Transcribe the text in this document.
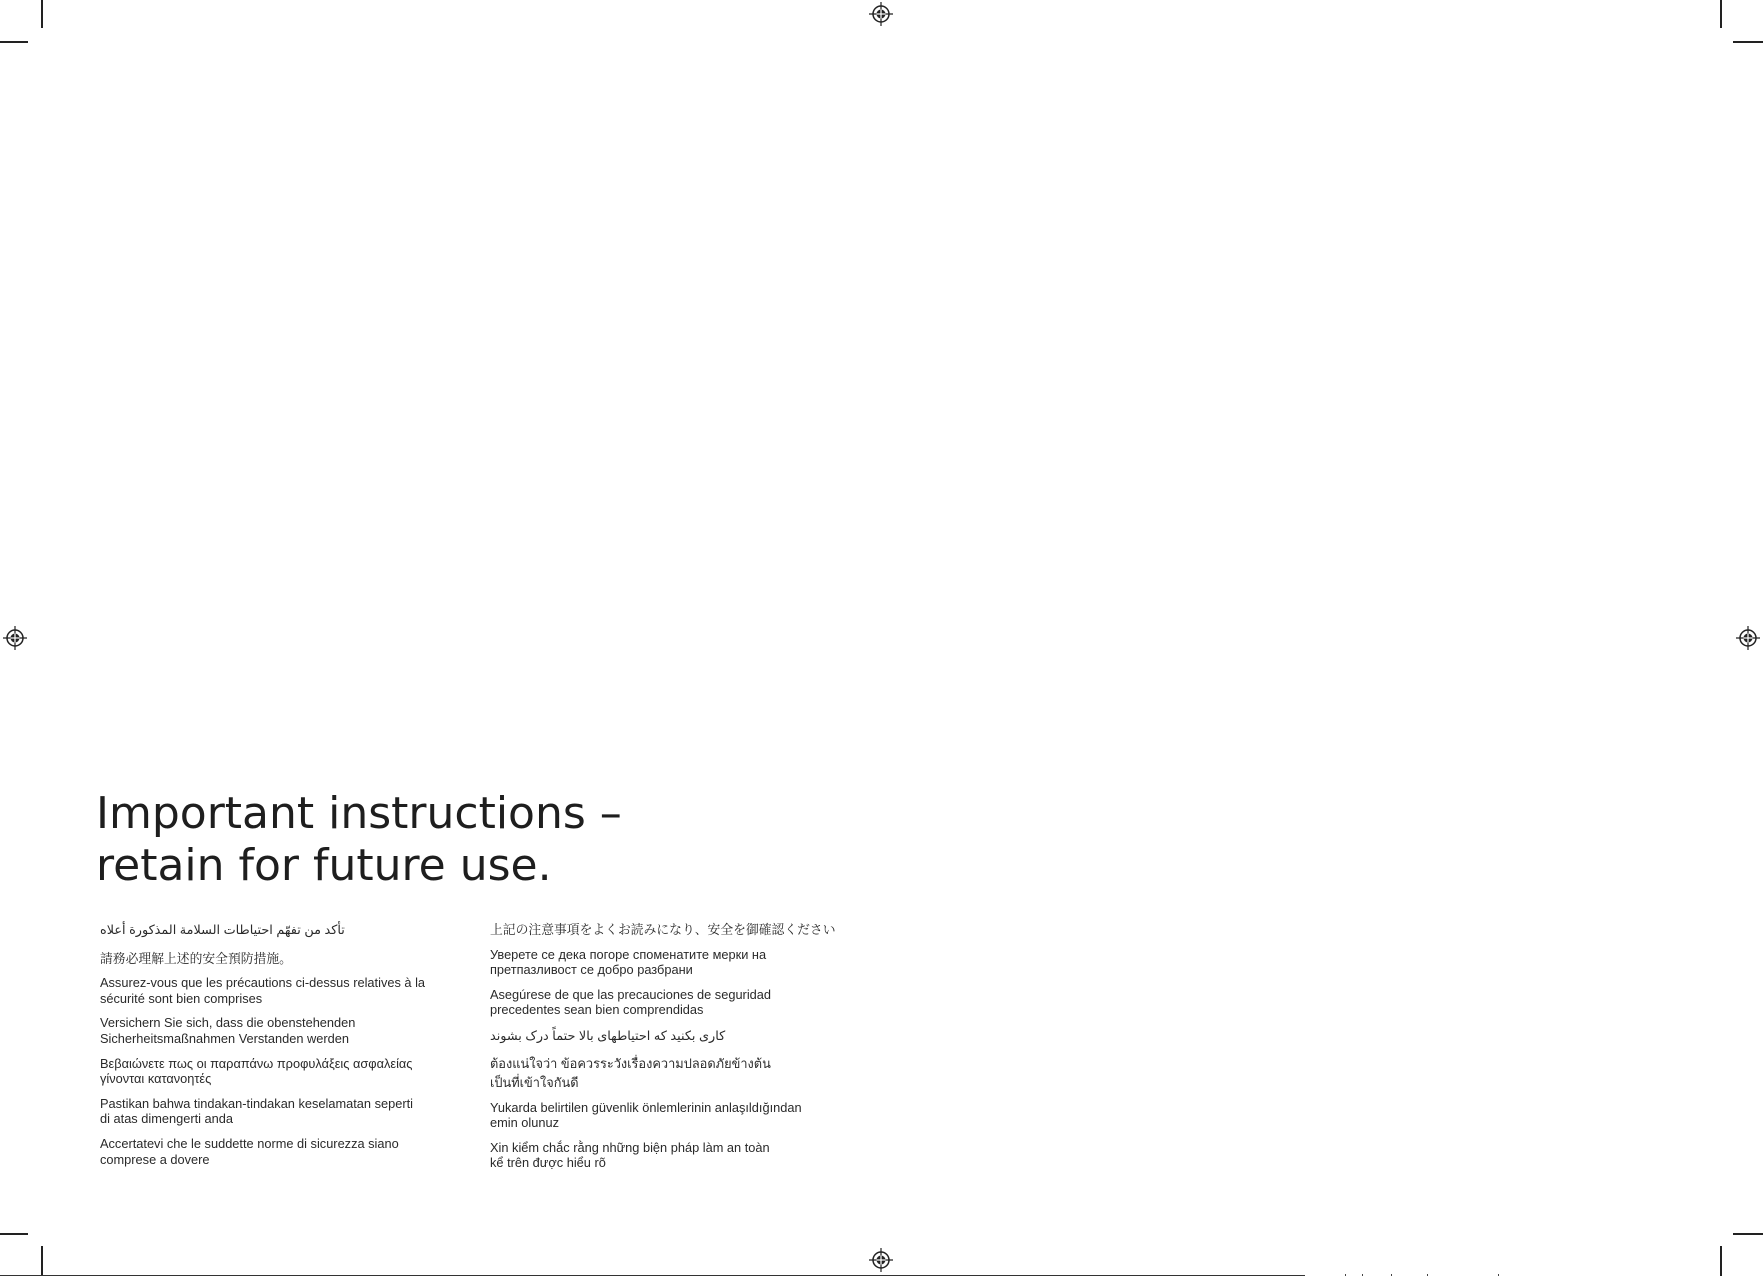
Important instructions –
retain for future use.

تأكد من تفهّم احتياطات السلامة المذكورة أعلاه

請務必理解上述的安全預防措施。

Assurez-vous que les précautions ci-dessus relatives à la
sécurité sont bien comprises

Versichern Sie sich, dass die obenstehenden
Sicherheitsmaßnahmen Verstanden werden

Βεβαιώνετε πως οι παραπάνω προφυλάξεις ασφαλείας
γίνονται κατανοητές

Pastikan bahwa tindakan-tindakan keselamatan seperti
di atas dimengerti anda

Accertatevi che le suddette norme di sicurezza siano
comprese a dovere

上記の注意事項をよくお読みになり、安全を御確認ください

Уверете се дека погоре споменатите мерки на
претпазливост се добро разбрани

Asegúrese de que las precauciones de seguridad
precedentes sean bien comprendidas

کاری بکنید که احتیاطهای بالا حتماً درک بشوند

ต้องแน่ใจว่า ข้อควรระวังเรื่องความปลอดภัยข้างต้น
เป็นที่เข้าใจกันดี

Yukarda belirtilen güvenlik önlemlerinin anlaşıldığından
emin olunuz

Xin kiểm chắc rằng những biện pháp làm an toàn
kể trên được hiểu rõ
